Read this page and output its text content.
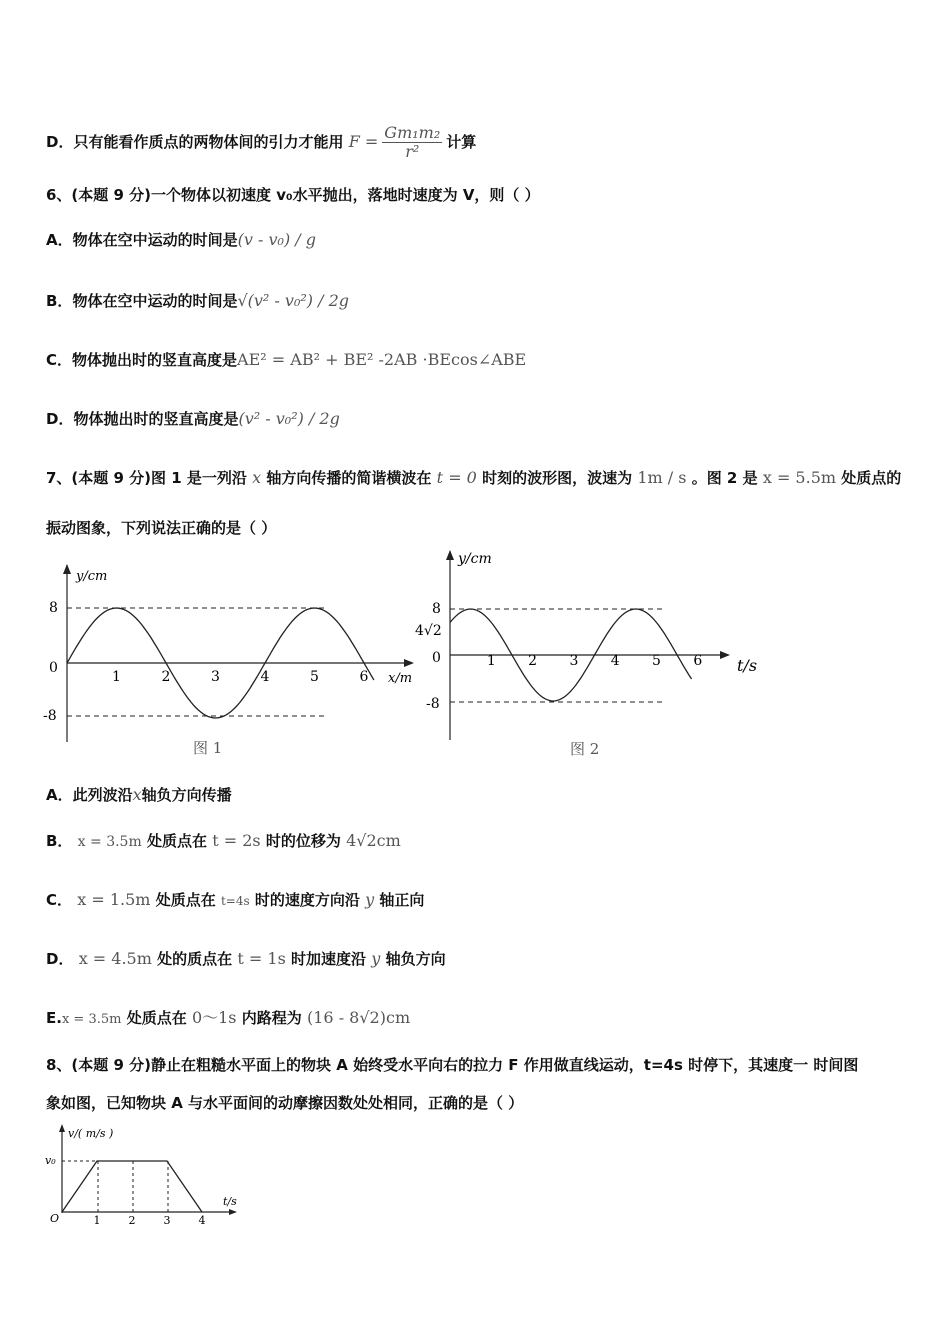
D．只有能看作质点的两物体间的引力才能用 $F = \frac{\text{Gm₁m₂}}{\text{r²}}$ 计算
6、(本题 9 分)一个物体以初速度 v₀水平抛出，落地时速度为 V，则（ ）
A．物体在空中运动的时间是(v - v₀) / g
B．物体在空中运动的时间是√(v² - v₀²) / 2g
C．物体抛出时的竖直高度是AE² = AB² + BE² -2AB ·BEcos∠ABE
D．物体抛出时的竖直高度是(v² - v₀²) / 2g
7、(本题 9 分)图 1 是一列沿 x 轴方向传播的简谐横波在 t = 0 时刻的波形图，波速为 1m / s 。图 2 是 x = 5.5m 处质点的
振动图象，下列说法正确的是（ ）
y/cm
x/m
8
0
-8
1	2	3	4	5	6
图 1
y/cm
t/s
8
4√2
0
-8
1 2 3 4 5 6
图 2
A．此列波沿x轴负方向传播
B． x = 3.5m 处质点在 t = 2s 时的位移为 4√2cm
C． x = 1.5m 处质点在 t=4s 时的速度方向沿 y 轴正向
D． x = 4.5m 处的质点在 t = 1s 时加速度沿 y 轴负方向
E.x = 3.5m 处质点在 0～1s 内路程为 (16 - 8√2)cm
8、(本题 9 分)静止在粗糙水平面上的物块 A 始终受水平向右的拉力 F 作用做直线运动，t=4s 时停下，其速度一 时间图
象如图，已知物块 A 与水平面间的动摩擦因数处处相同，正确的是（ ）
v/( m/s )
v₀
t/s
O	1	2	3	4
